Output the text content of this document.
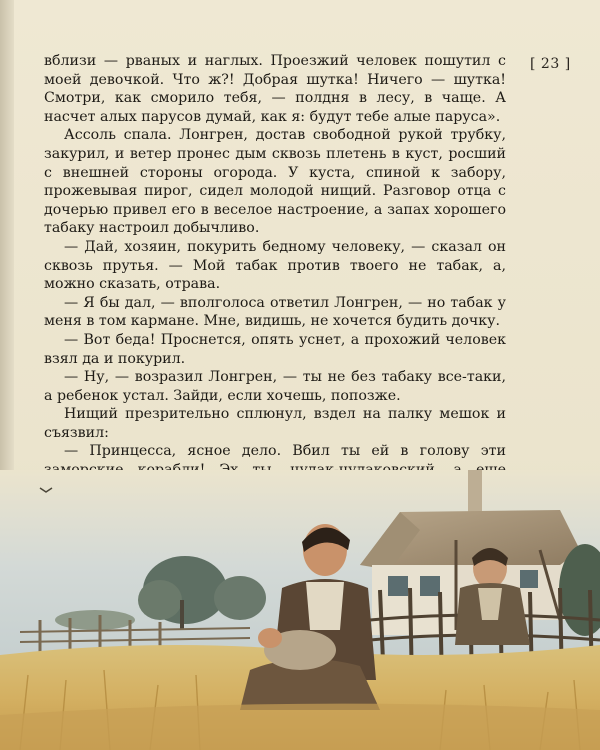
[ 23 ]

вблизи — рваных и наглых. Проезжий человек пошутил с моей девочкой. Что ж?! Добрая шутка! Ничего — шутка! Смотри, как сморило тебя, — полдня в лесу, в чаще. А насчет алых парусов думай, как я: будут тебе алые паруса».

Ассоль спала. Лонгрен, достав свободной рукой трубку, закурил, и ветер пронес дым сквозь плетень в куст, росший с внешней стороны огорода. У куста, спиной к забору, прожевывая пирог, сидел молодой нищий. Разговор отца с дочерью привел его в веселое настроение, а запах хорошего табаку настроил добычливо.

— Дай, хозяин, покурить бедному человеку, — сказал он сквозь прутья. — Мой табак против твоего не табак, а, можно сказать, отрава.

— Я бы дал, — вполголоса ответил Лонгрен, — но табак у меня в том кармане. Мне, видишь, не хочется будить дочку.

— Вот беда! Проснется, опять уснет, а прохожий человек взял да и покурил.

— Ну, — возразил Лонгрен, — ты не без табаку все-таки, а ребенок устал. Зайди, если хочешь, попозже.

Нищий презрительно сплюнул, вздел на палку мешок и съязвил:

— Принцесса, ясное дело. Вбил ты ей в голову эти
